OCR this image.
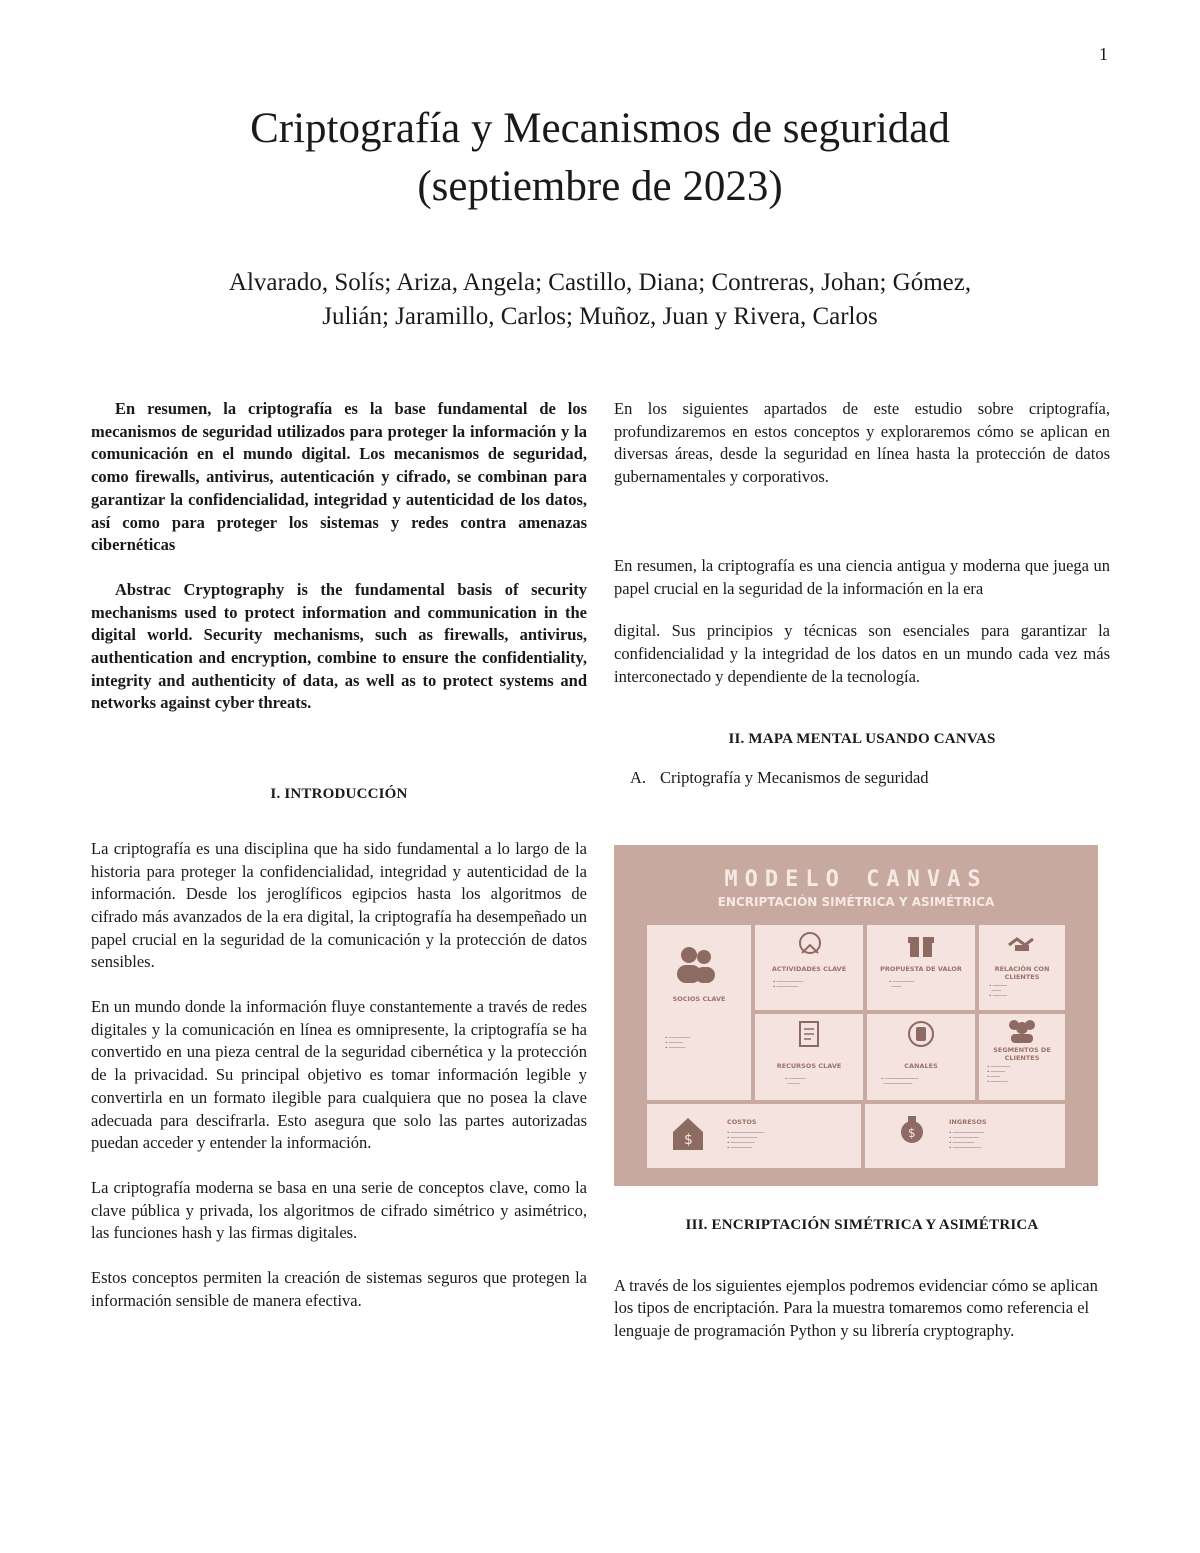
1
Criptografía y Mecanismos de seguridad
(septiembre de 2023)
Alvarado, Solís; Ariza, Angela; Castillo, Diana; Contreras, Johan; Gómez,
Julián; Jaramillo, Carlos; Muñoz, Juan y Rivera, Carlos

En resumen, la criptografía es la base fundamental de los mecanismos de seguridad utilizados para proteger la información y la comunicación en el mundo digital. Los mecanismos de seguridad, como firewalls, antivirus, autenticación y cifrado, se combinan para garantizar la confidencialidad, integridad y autenticidad de los datos, así como para proteger los sistemas y redes contra amenazas cibernéticas

Abstrac Cryptography is the fundamental basis of security mechanisms used to protect information and communication in the digital world. Security mechanisms, such as firewalls, antivirus, authentication and encryption, combine to ensure the confidentiality, integrity and authenticity of data, as well as to protect systems and networks against cyber threats.

I. INTRODUCCIÓN

La criptografía es una disciplina que ha sido fundamental a lo largo de la historia para proteger la confidencialidad, integridad y autenticidad de la información. Desde los jeroglíficos egipcios hasta los algoritmos de cifrado más avanzados de la era digital, la criptografía ha desempeñado un papel crucial en la seguridad de la comunicación y la protección de datos sensibles.

En un mundo donde la información fluye constantemente a través de redes digitales y la comunicación en línea es omnipresente, la criptografía se ha convertido en una pieza central de la seguridad cibernética y la protección de la privacidad. Su principal objetivo es tomar información legible y convertirla en un formato ilegible para cualquiera que no posea la clave adecuada para descifrarla. Esto asegura que solo las partes autorizadas puedan acceder y entender la información.

La criptografía moderna se basa en una serie de conceptos clave, como la clave pública y privada, los algoritmos de cifrado simétrico y asimétrico, las funciones hash y las firmas digitales.

Estos conceptos permiten la creación de sistemas seguros que protegen la información sensible de manera efectiva.

En los siguientes apartados de este estudio sobre criptografía, profundizaremos en estos conceptos y exploraremos cómo se aplican en diversas áreas, desde la seguridad en línea hasta la protección de datos gubernamentales y corporativos.

En resumen, la criptografía es una ciencia antigua y moderna que juega un papel crucial en la seguridad de la información en la era

digital. Sus principios y técnicas son esenciales para garantizar la confidencialidad y la integridad de los datos en un mundo cada vez más interconectado y dependiente de la tecnología.

II. MAPA MENTAL USANDO CANVAS

A. Criptografía y Mecanismos de seguridad

MODELO CANVAS
ENCRIPTACIÓN SIMÉTRICA Y ASIMÉTRICA
SOCIOS CLAVE
• ─────────
• ──────
• ───────
ACTIVIDADES CLAVE
• ───────────
• ─────────
PROPUESTA DE VALOR
• ─────────
────
RELACIÓN CON CLIENTES
• ──────
────
• ──────
RECURSOS CLAVE
• ───────
─────
CANALES
• ──────────────
────────────
SEGMENTOS DE CLIENTES
• ────────
• ──────
• ────
• ───────
$
COSTOS
• ──────────────
• ───────────
• ──────────
• ─────────
$
INGRESOS
• ─────────────
• ───────────
• ─────────
• ────────────

III. ENCRIPTACIÓN SIMÉTRICA Y ASIMÉTRICA

A través de los siguientes ejemplos podremos evidenciar cómo se aplican los tipos de encriptación. Para la muestra tomaremos como referencia el lenguaje de programación Python y su librería cryptography.
